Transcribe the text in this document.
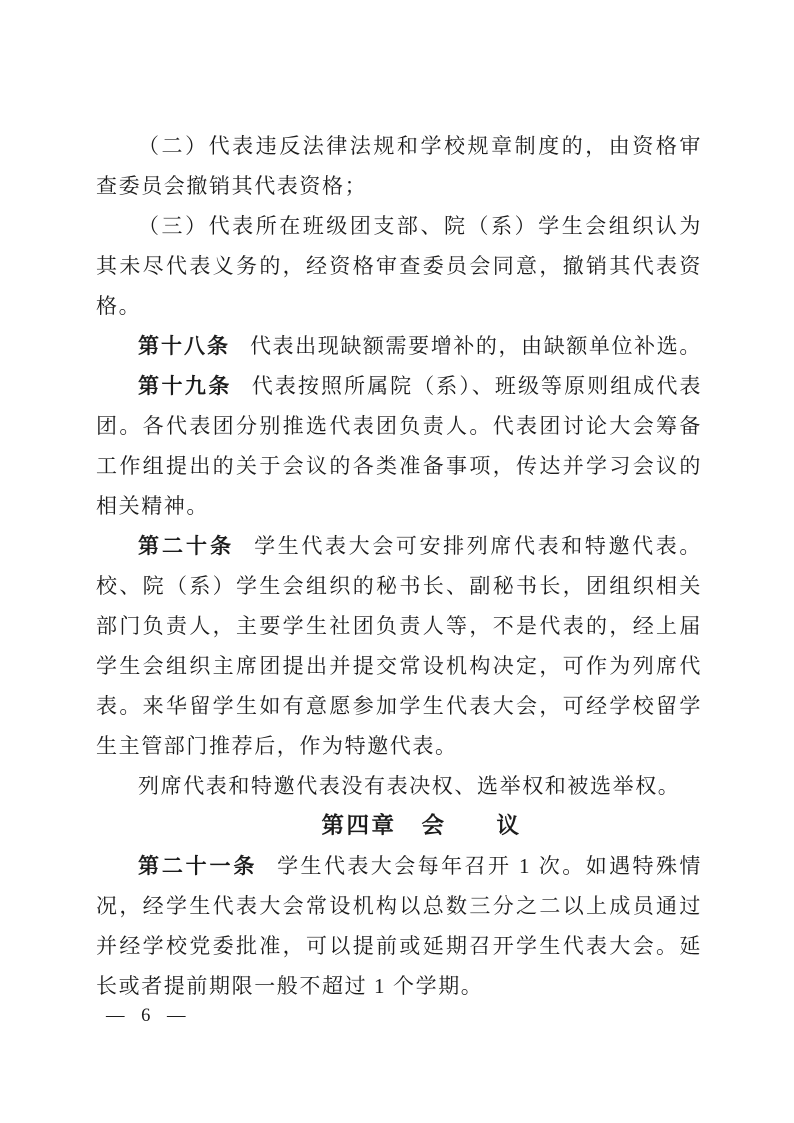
（二）代表违反法律法规和学校规章制度的，由资格审查委员会撤销其代表资格；

（三）代表所在班级团支部、院（系）学生会组织认为其未尽代表义务的，经资格审查委员会同意，撤销其代表资格。

第十八条 代表出现缺额需要增补的，由缺额单位补选。

第十九条 代表按照所属院（系）、班级等原则组成代表团。各代表团分别推选代表团负责人。代表团讨论大会筹备工作组提出的关于会议的各类准备事项，传达并学习会议的相关精神。

第二十条 学生代表大会可安排列席代表和特邀代表。校、院（系）学生会组织的秘书长、副秘书长，团组织相关部门负责人，主要学生社团负责人等，不是代表的，经上届学生会组织主席团提出并提交常设机构决定，可作为列席代表。来华留学生如有意愿参加学生代表大会，可经学校留学生主管部门推荐后，作为特邀代表。

列席代表和特邀代表没有表决权、选举权和被选举权。

第四章　会　　议

第二十一条 学生代表大会每年召开 1 次。如遇特殊情况，经学生代表大会常设机构以总数三分之二以上成员通过并经学校党委批准，可以提前或延期召开学生代表大会。延长或者提前期限一般不超过 1 个学期。

— 6 —
